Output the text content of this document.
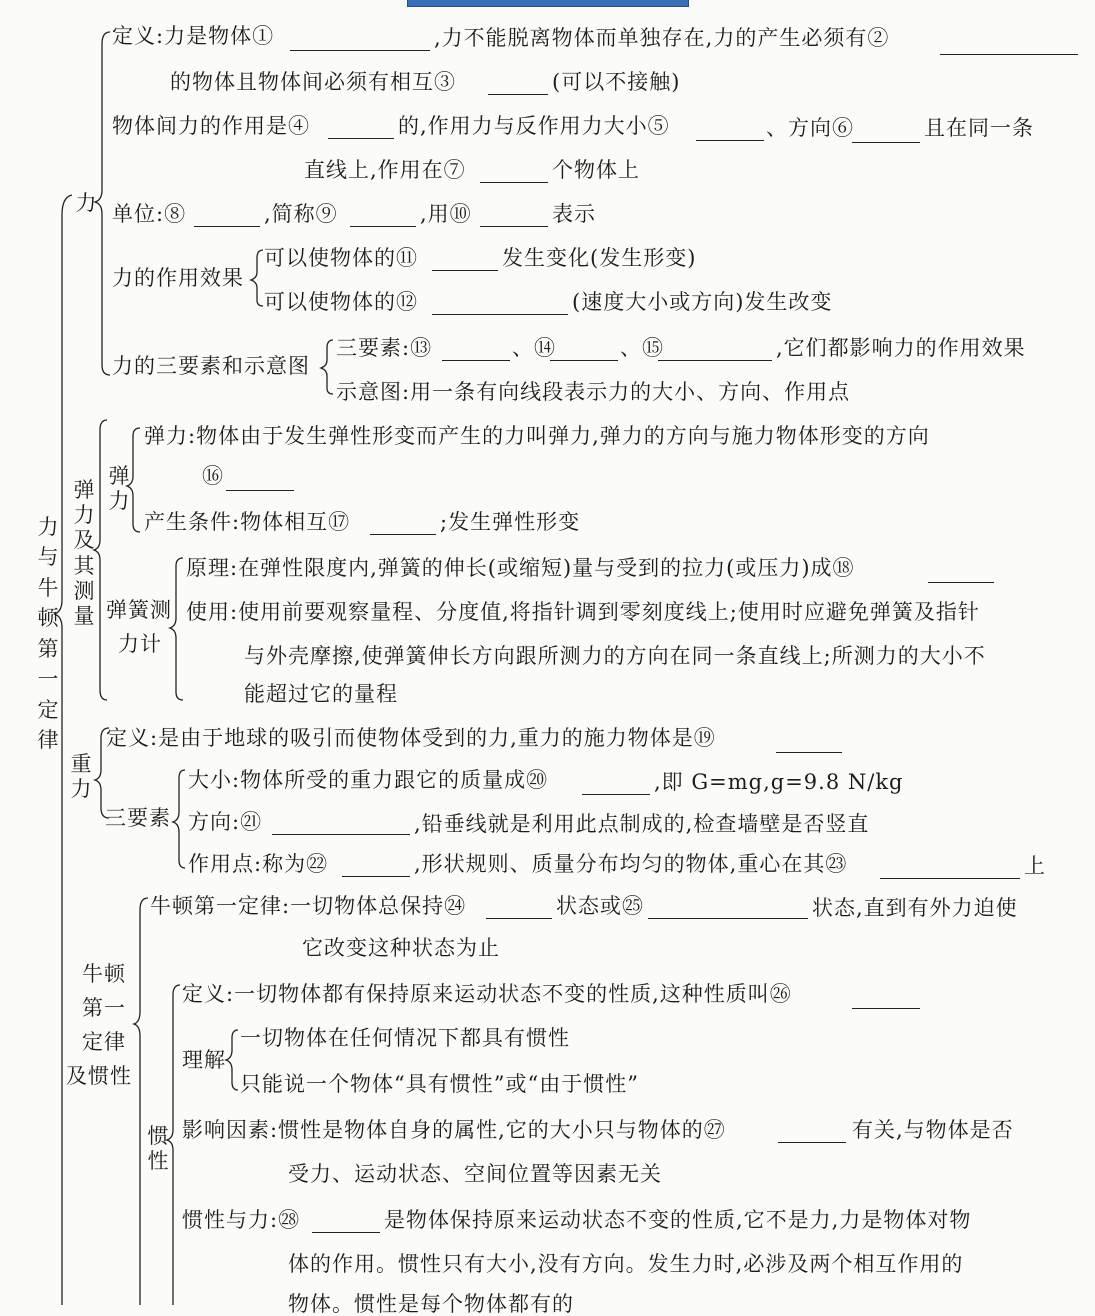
力与牛顿第一定律
力
弹力及其测量
弹力
弹簧测
力计
重力
三要素
牛顿
第一
定律
及惯性
惯性
定义:力是物体①	,力不能脱离物体而单独存在,力的产生必须有②
的物体且物体间必须有相互③	(可以不接触)
物体间力的作用是④	的,作用力与反作用力大小⑤	、方向⑥	且在同一条
直线上,作用在⑦	个物体上
单位:⑧	,简称⑨	,用⑩	表示
力的作用效果
可以使物体的⑪	发生变化(发生形变)
可以使物体的⑫	(速度大小或方向)发生改变
力的三要素和示意图
三要素:⑬	、⑭	、⑮	,它们都影响力的作用效果
示意图:用一条有向线段表示力的大小、方向、作用点
弹力:物体由于发生弹性形变而产生的力叫弹力,弹力的方向与施力物体形变的方向
⑯
产生条件:物体相互⑰	;发生弹性形变
原理:在弹性限度内,弹簧的伸长(或缩短)量与受到的拉力(或压力)成⑱
使用:使用前要观察量程、分度值,将指针调到零刻度线上;使用时应避免弹簧及指针
与外壳摩擦,使弹簧伸长方向跟所测力的方向在同一条直线上;所测力的大小不
能超过它的量程
定义:是由于地球的吸引而使物体受到的力,重力的施力物体是⑲
大小:物体所受的重力跟它的质量成⑳	,即 G=mg,g=9.8 N/kg
方向:㉑	,铅垂线就是利用此点制成的,检查墙壁是否竖直
作用点:称为㉒	,形状规则、质量分布均匀的物体,重心在其㉓	上
牛顿第一定律:一切物体总保持㉔	状态或㉕	状态,直到有外力迫使
它改变这种状态为止
定义:一切物体都有保持原来运动状态不变的性质,这种性质叫㉖
理解
一切物体在任何情况下都具有惯性
只能说一个物体“具有惯性”或“由于惯性”
影响因素:惯性是物体自身的属性,它的大小只与物体的㉗	有关,与物体是否
受力、运动状态、空间位置等因素无关
惯性与力:㉘	是物体保持原来运动状态不变的性质,它不是力,力是物体对物
体的作用。惯性只有大小,没有方向。发生力时,必涉及两个相互作用的
物体。惯性是每个物体都有的
